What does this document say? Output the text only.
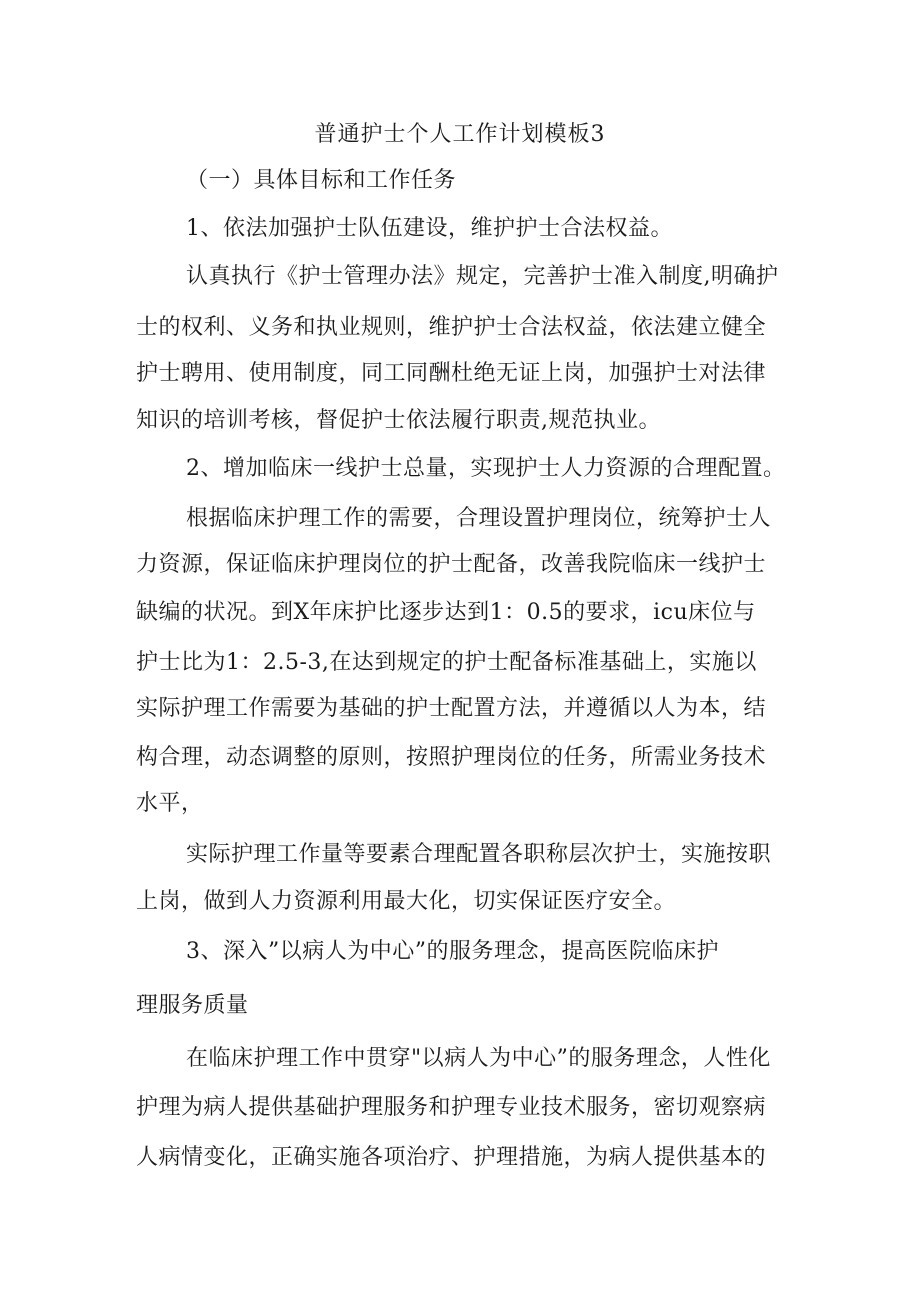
普通护士个人工作计划模板3
（一）具体目标和工作任务
1、依法加强护士队伍建设，维护护士合法权益。
认真执行《护士管理办法》规定，完善护士准入制度,明确护
士的权利、义务和执业规则，维护护士合法权益，依法建立健全
护士聘用、使用制度，同工同酬杜绝无证上岗，加强护士对法律
知识的培训考核，督促护士依法履行职责,规范执业。
2、增加临床一线护士总量，实现护士人力资源的合理配置。
根据临床护理工作的需要，合理设置护理岗位，统筹护士人
力资源，保证临床护理岗位的护士配备，改善我院临床一线护士
缺编的状况。到X年床护比逐步达到1：0.5的要求，icu床位与
护士比为1：2.5-3,在达到规定的护士配备标准基础上，实施以
实际护理工作需要为基础的护士配置方法，并遵循以人为本，结
构合理，动态调整的原则，按照护理岗位的任务，所需业务技术
水平，
实际护理工作量等要素合理配置各职称层次护士，实施按职
上岗，做到人力资源利用最大化，切实保证医疗安全。
3、深入”以病人为中心”的服务理念，提高医院临床护
理服务质量
在临床护理工作中贯穿"以病人为中心”的服务理念，人性化
护理为病人提供基础护理服务和护理专业技术服务，密切观察病
人病情变化，正确实施各项治疗、护理措施，为病人提供基本的
